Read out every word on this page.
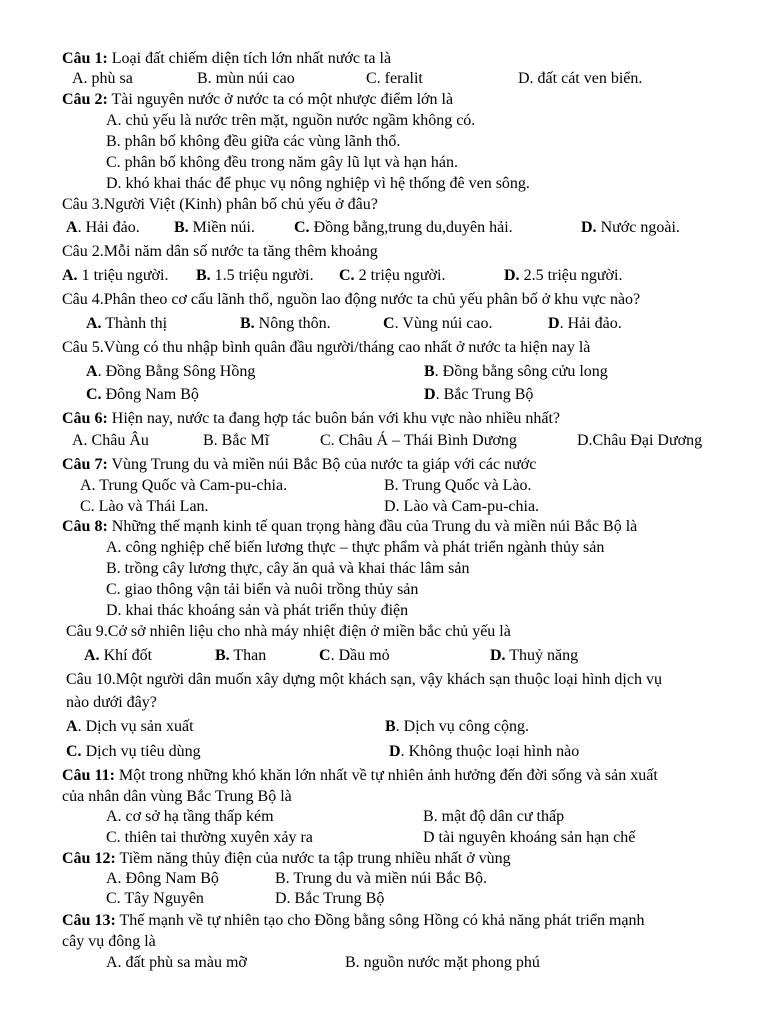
Câu 1: Loại đất chiếm diện tích lớn nhất nước ta là
A. phù sa	B. mùn núi cao	C. feralit	D. đất cát ven biển.
Câu 2: Tài nguyên nước ở nước ta có một nhược điểm lớn là
A. chủ yếu là nước trên mặt, nguồn nước ngầm không có.
B. phân bố không đều giữa các vùng lãnh thổ.
C. phân bố không đều trong năm gây lũ lụt và hạn hán.
D. khó khai thác để phục vụ nông nghiệp vì hệ thống đê ven sông.
Câu 3.Người Việt (Kinh) phân bố chủ yếu ở đâu?
A. Hải đảo. B. Miền núi. C. Đồng bằng,trung du,duyên hải.	D. Nước ngoài.
Câu 2.Mỗi năm dân số nước ta tăng thêm khoảng
A. 1 triệu người. B. 1.5 triệu người. C. 2 triệu người.	D. 2.5 triệu người.
Câu 4.Phân theo cơ cấu lãnh thổ, nguồn lao động nước ta chủ yếu phân bố ở khu vực nào?
A. Thành thị	B. Nông thôn.	C. Vùng núi cao.	D. Hải đảo.
Câu 5.Vùng có thu nhập bình quân đầu người/tháng cao nhất ở nước ta hiện nay là
A. Đồng Bằng Sông Hồng	B. Đồng bằng sông cửu long
C. Đông Nam Bộ	D. Bắc Trung Bộ
Câu 6: Hiện nay, nước ta đang hợp tác buôn bán với khu vực nào nhiều nhất?
A. Châu Âu	B. Bắc Mĩ	C. Châu Á – Thái Bình Dương	D.Châu Đại Dương
Câu 7: Vùng Trung du và miền núi Bắc Bộ của nước ta giáp với các nước
A. Trung Quốc và Cam-pu-chia.	B. Trung Quốc và Lào.
C. Lào và Thái Lan.	D. Lào và Cam-pu-chia.
Câu 8: Những thế mạnh kinh tế quan trọng hàng đầu của Trung du và miền núi Bắc Bộ là
A. công nghiệp chế biến lương thực – thực phẩm và phát triển ngành thủy sản
B. trồng cây lương thực, cây ăn quả và khai thác lâm sản
C. giao thông vận tải biển và nuôi trồng thủy sản
D. khai thác khoáng sản và phát triển thủy điện
Câu 9.Cở sở nhiên liệu cho nhà máy nhiệt điện ở miền bắc chủ yếu là
A. Khí đốt	B. Than	C. Dầu mỏ	D. Thuỷ năng
Câu 10.Một người dân muốn xây dựng một khách sạn, vậy khách sạn thuộc loại hình dịch vụ
nào dưới đây?
A. Dịch vụ sản xuất	B. Dịch vụ công cộng.
C. Dịch vụ tiêu dùng	D. Không thuộc loại hình nào
Câu 11: Một trong những khó khăn lớn nhất về tự nhiên ảnh hưởng đến đời sống và sản xuất
của nhân dân vùng Bắc Trung Bộ là
A. cơ sở hạ tầng thấp kém	B. mật độ dân cư thấp
C. thiên tai thường xuyên xảy ra	D tài nguyên khoáng sản hạn chế
Câu 12: Tiềm năng thủy điện của nước ta tập trung nhiều nhất ở vùng
A. Đông Nam Bộ	B. Trung du và miền núi Bắc Bộ.
C. Tây Nguyên	D. Bắc Trung Bộ
Câu 13: Thế mạnh về tự nhiên tạo cho Đồng bằng sông Hồng có khả năng phát triển mạnh
cây vụ đông là
A. đất phù sa màu mỡ	B. nguồn nước mặt phong phú
